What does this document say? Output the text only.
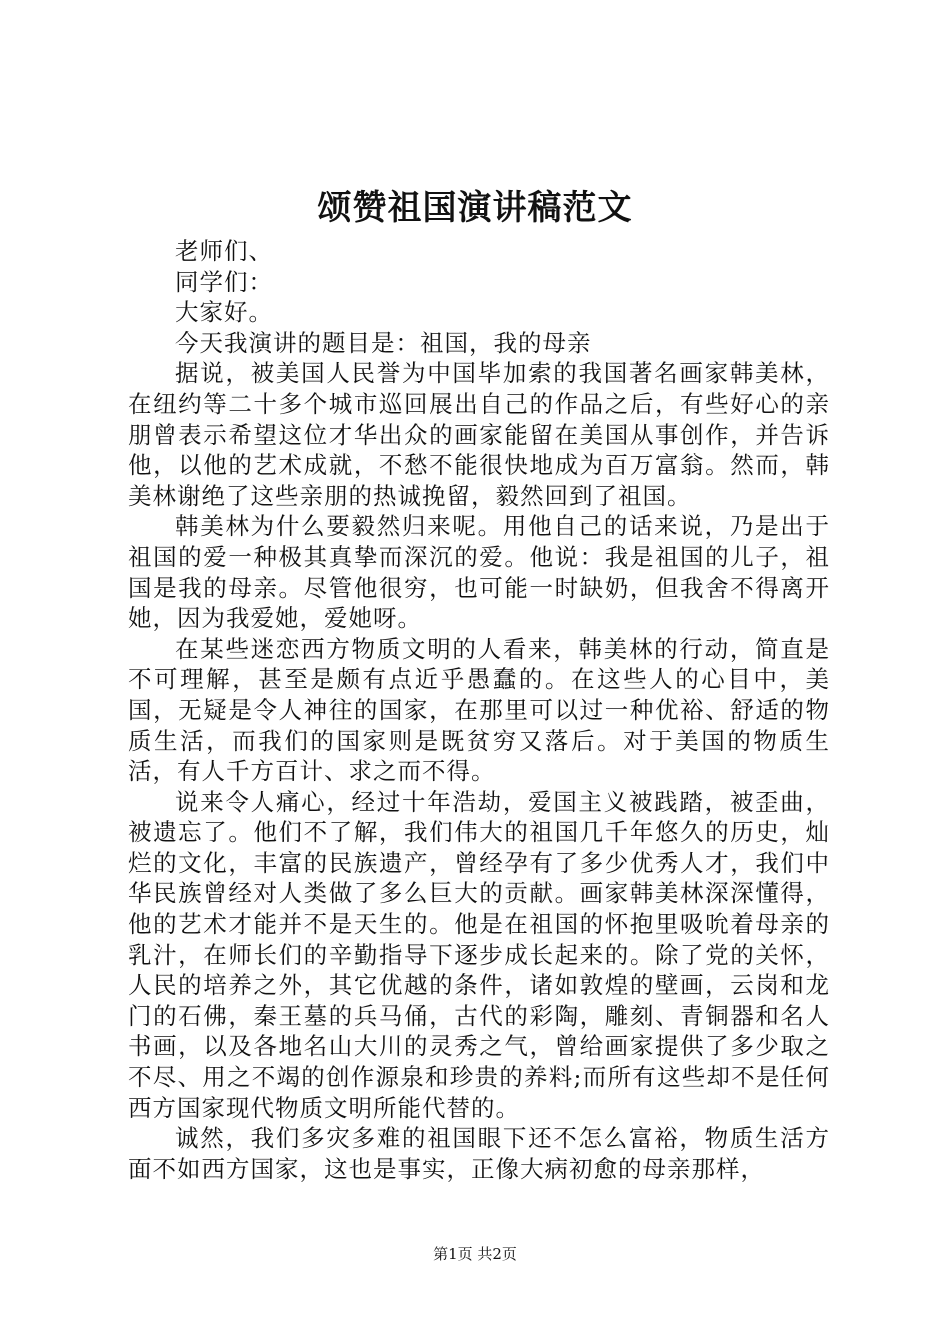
颂赞祖国演讲稿范文

老师们、

同学们：

大家好。

今天我演讲的题目是：祖国，我的母亲

据说，被美国人民誉为中国毕加索的我国著名画家韩美林，在纽约等二十多个城市巡回展出自己的作品之后，有些好心的亲朋曾表示希望这位才华出众的画家能留在美国从事创作，并告诉他，以他的艺术成就，不愁不能很快地成为百万富翁。然而，韩美林谢绝了这些亲朋的热诚挽留，毅然回到了祖国。

韩美林为什么要毅然归来呢。用他自己的话来说，乃是出于祖国的爱一种极其真挚而深沉的爱。他说：我是祖国的儿子，祖国是我的母亲。尽管他很穷，也可能一时缺奶，但我舍不得离开她，因为我爱她，爱她呀。

在某些迷恋西方物质文明的人看来，韩美林的行动，简直是不可理解，甚至是颇有点近乎愚蠢的。在这些人的心目中，美国，无疑是令人神往的国家，在那里可以过一种优裕、舒适的物质生活，而我们的国家则是既贫穷又落后。对于美国的物质生活，有人千方百计、求之而不得。

说来令人痛心，经过十年浩劫，爱国主义被践踏，被歪曲，被遗忘了。他们不了解，我们伟大的祖国几千年悠久的历史，灿烂的文化，丰富的民族遗产，曾经孕有了多少优秀人才，我们中华民族曾经对人类做了多么巨大的贡献。画家韩美林深深懂得，他的艺术才能并不是天生的。他是在祖国的怀抱里吸吮着母亲的乳汁，在师长们的辛勤指导下逐步成长起来的。除了党的关怀，人民的培养之外，其它优越的条件，诸如敦煌的壁画，云岗和龙门的石佛，秦王墓的兵马俑，古代的彩陶，雕刻、青铜器和名人书画，以及各地名山大川的灵秀之气，曾给画家提供了多少取之不尽、用之不竭的创作源泉和珍贵的养料;而所有这些却不是任何西方国家现代物质文明所能代替的。

诚然，我们多灾多难的祖国眼下还不怎么富裕，物质生活方面不如西方国家，这也是事实，正像大病初愈的母亲那样，

第1页 共2页
